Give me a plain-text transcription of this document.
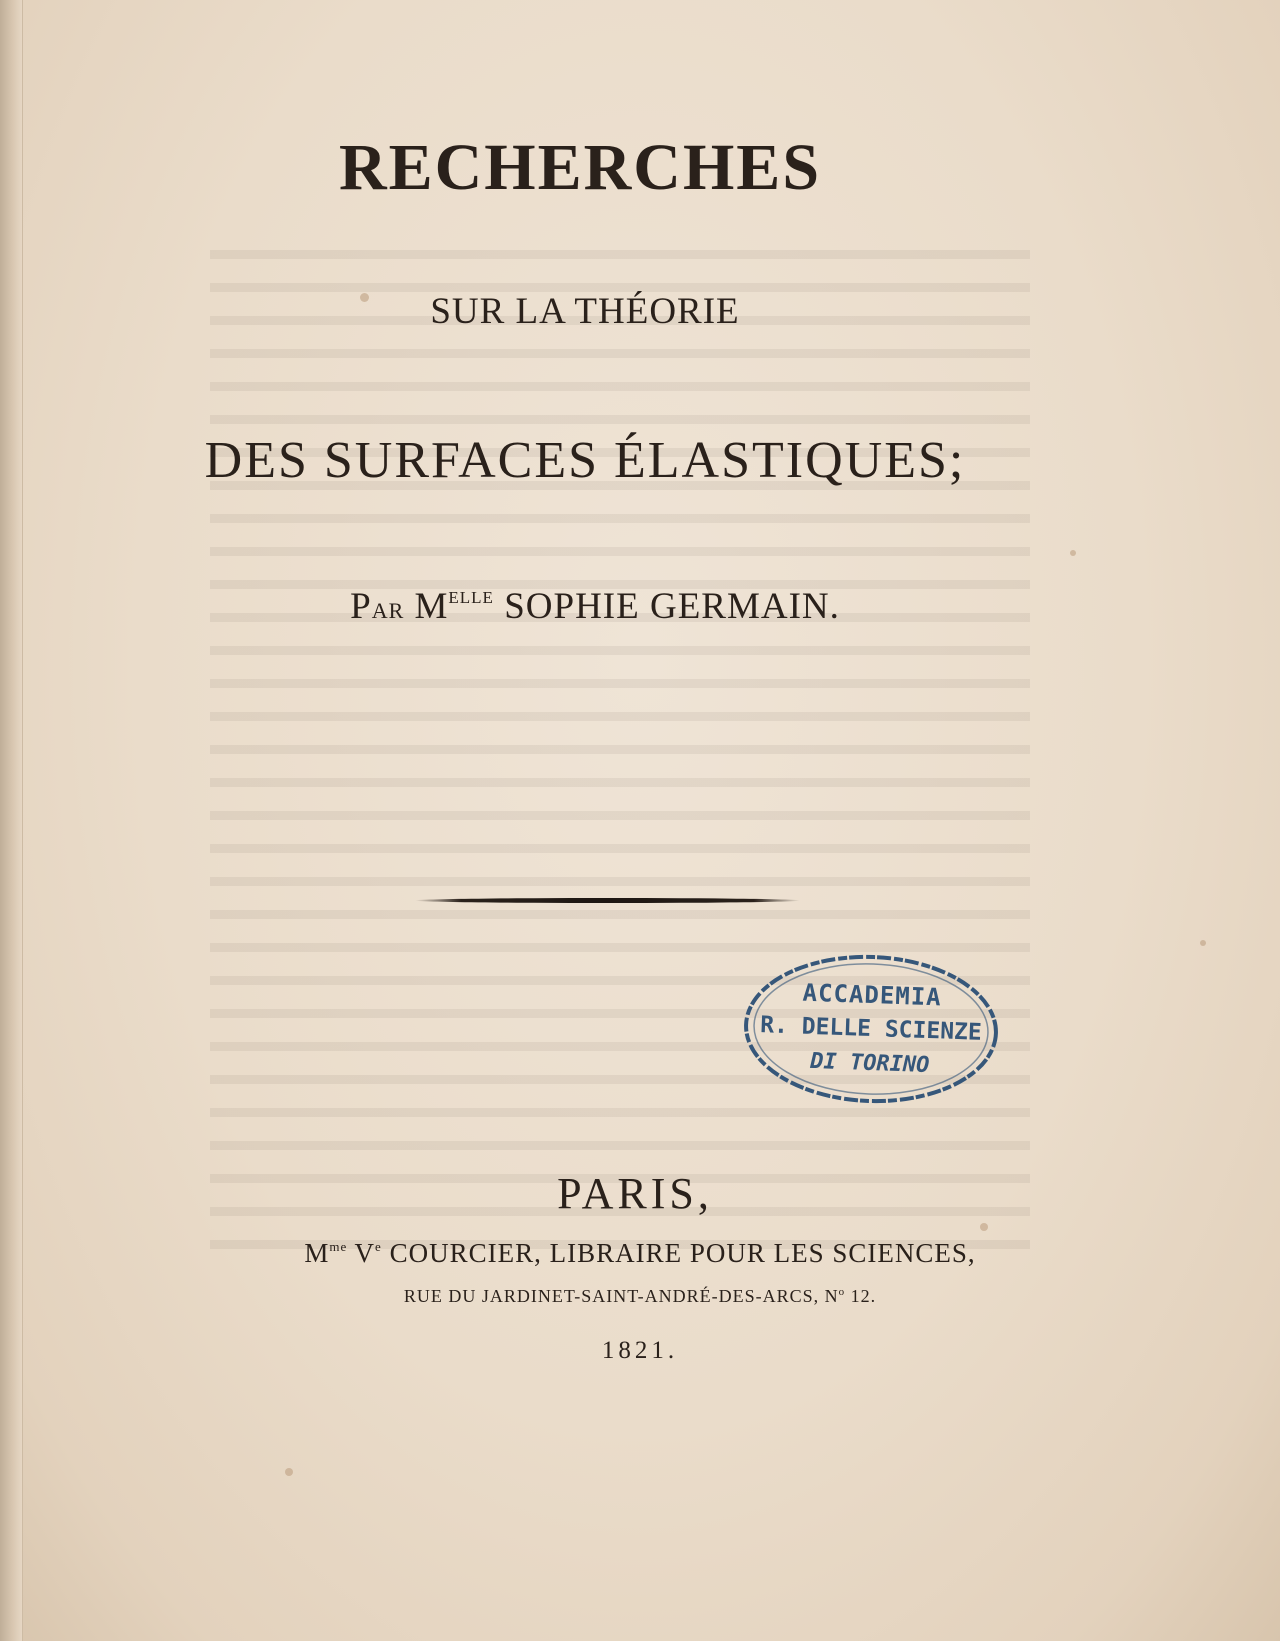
RECHERCHES
SUR LA THÉORIE
DES SURFACES ÉLASTIQUES;
PAR $M^{ELLE}$ SOPHIE GERMAIN.
ACCADEMIA
R. DELLE SCIENZE
DI TORINO
PARIS,
$M^{me}$ Ve COURCIER, LIBRAIRE POUR LES SCIENCES,
RUE DU JARDINET-SAINT-ANDRÉ-DES-ARCS, $N^o$ 12.
1821.
